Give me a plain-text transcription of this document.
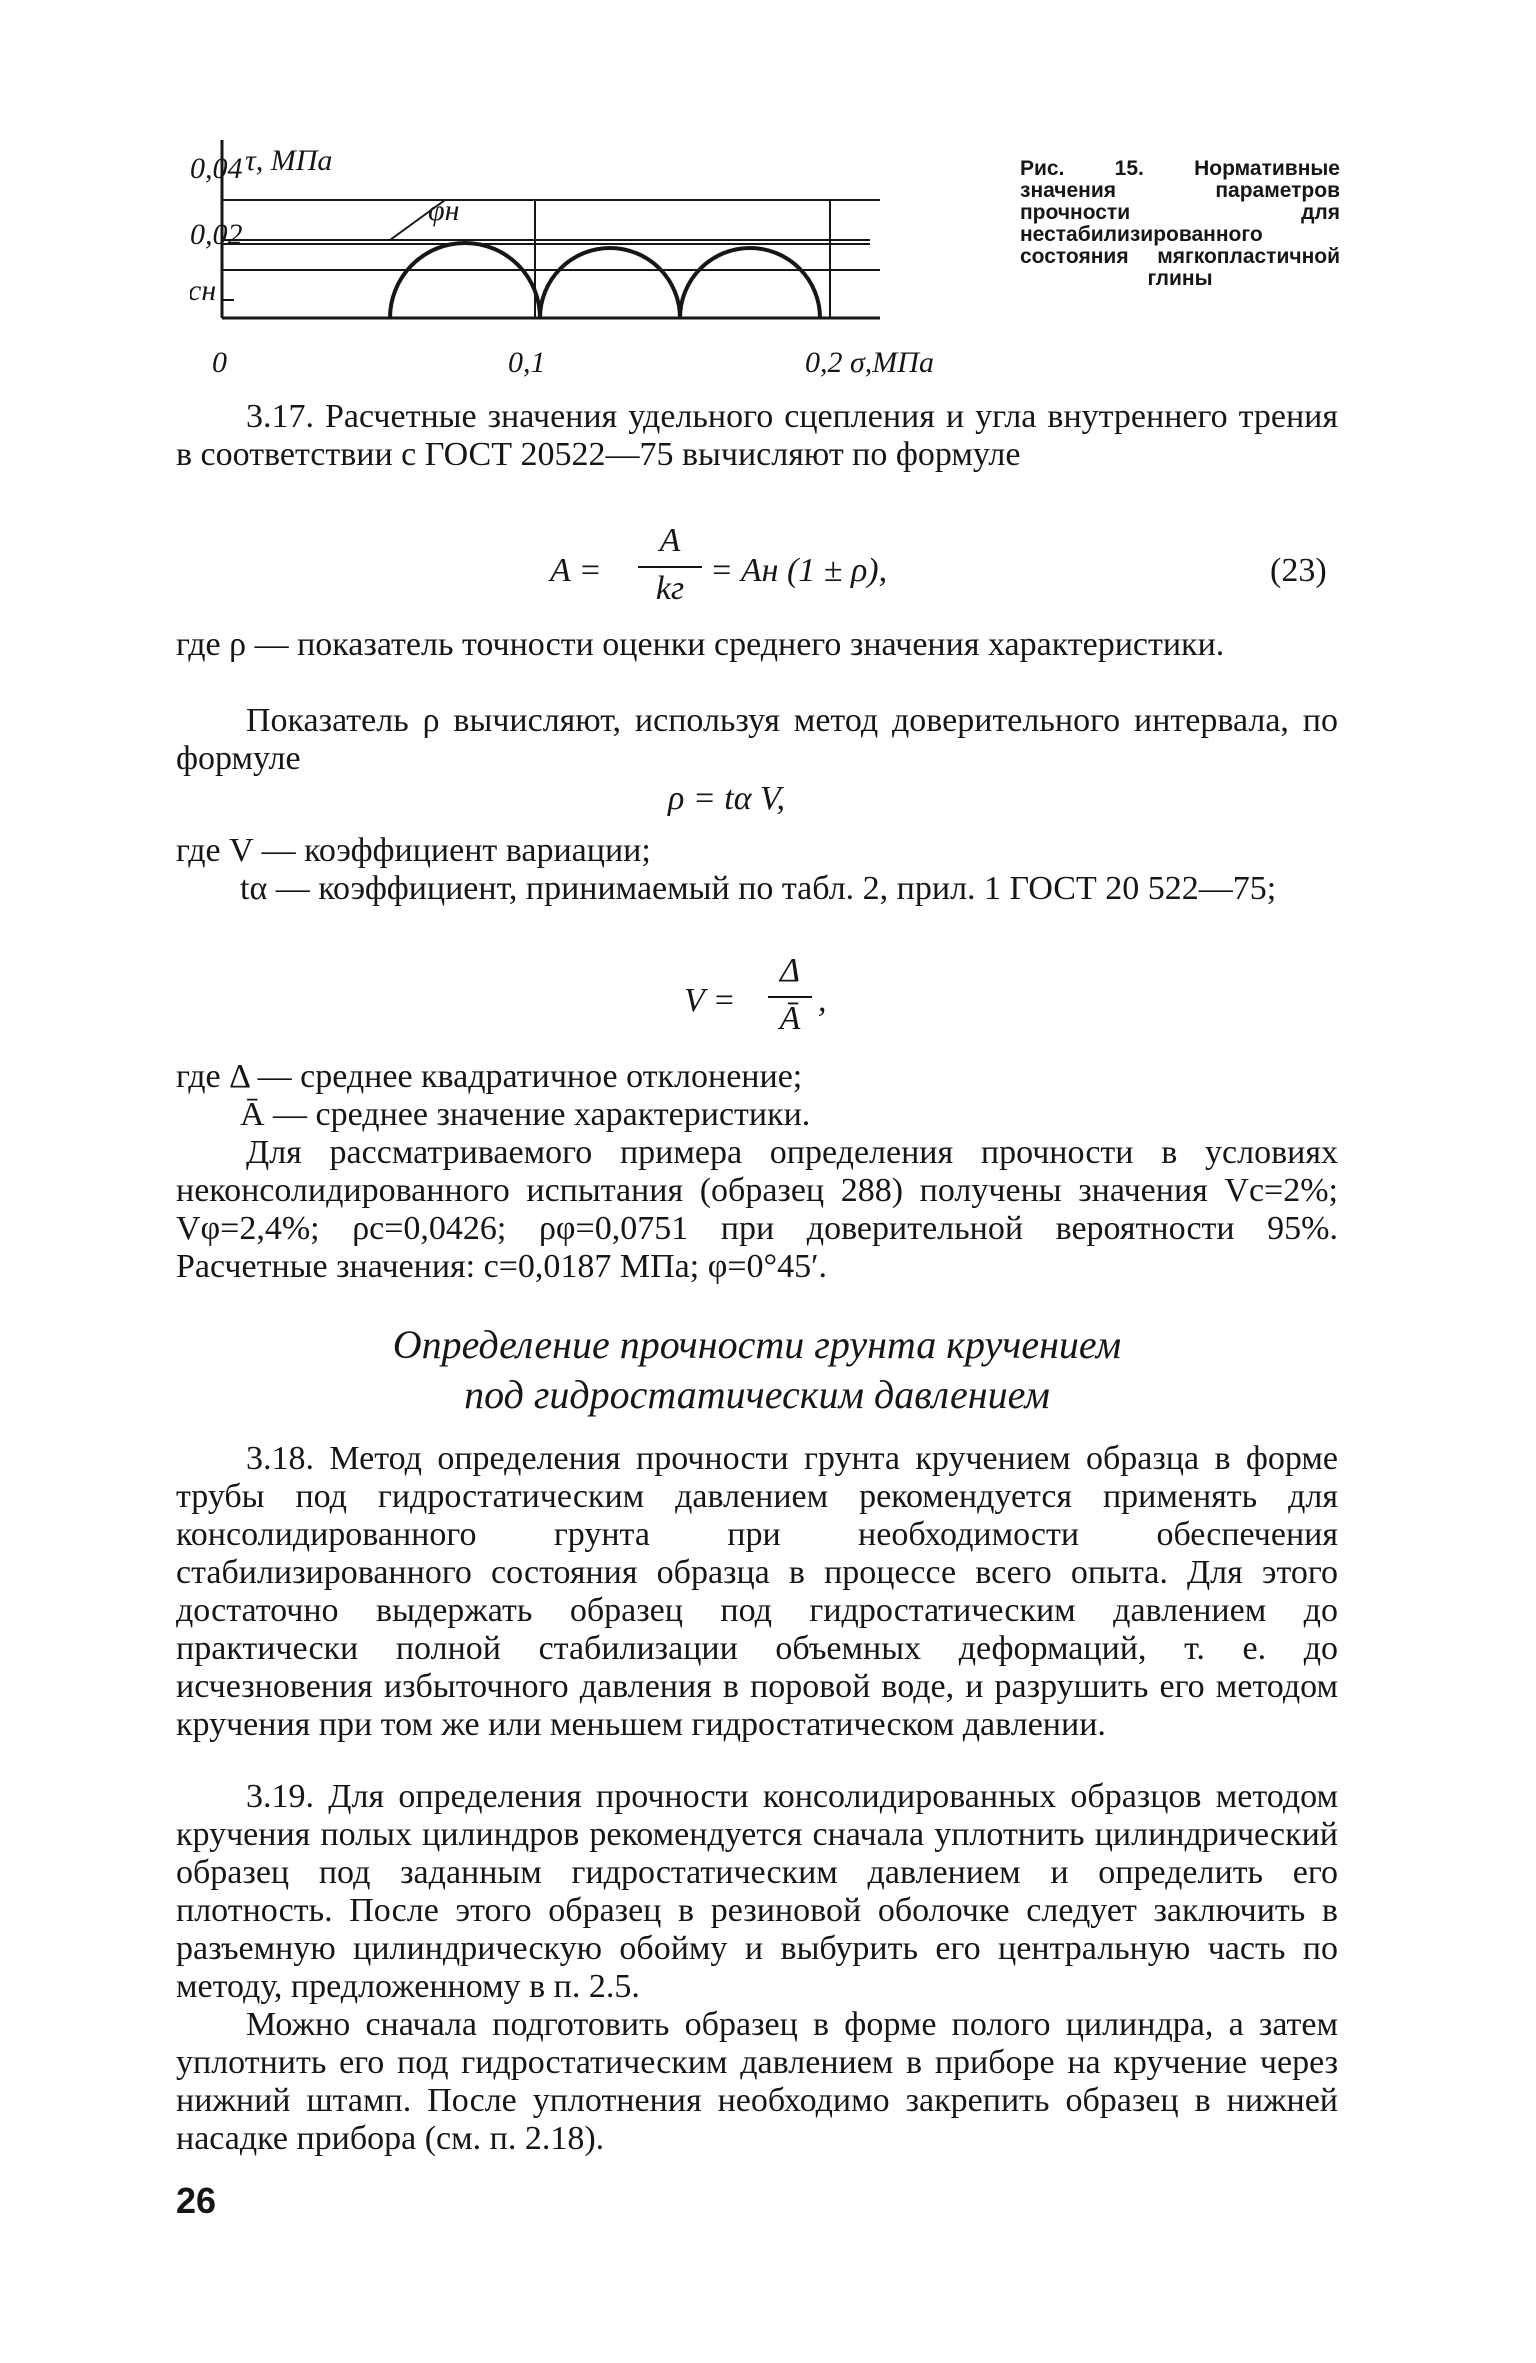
0,04 τ, МПа
0,02
cн
φн
0	0,1	0,2 σ,МПа
Рис. 15. Нормативные значения параметров прочности для нестабилизированного состояния мягкопластичной глины
3.17. Расчетные значения удельного сцепления и угла внутреннего трения в соответствии с ГОСТ 20522—75 вычисляют по формуле
A =
A
kг = Aн (1 ± ρ),	(23)
где ρ — показатель точности оценки среднего значения характеристики.
Показатель ρ вычисляют, используя метод доверительного интервала, по формуле
ρ = tα V,
где V — коэффициент вариации;
tα — коэффициент, принимаемый по табл. 2, прил. 1 ГОСТ 20 522—75;
V =
Δ
Ā ,
где Δ — среднее квадратичное отклонение;
Ā — среднее значение характеристики.
Для рассматриваемого примера определения прочности в условиях неконсолидированного испытания (образец 288) получены значения Vc=2%; Vφ=2,4%; ρc=0,0426; ρφ=0,0751 при доверительной вероятности 95%. Расчетные значения: c=0,0187 МПа; φ=0°45′.
Определение прочности грунта кручением
под гидростатическим давлением
3.18. Метод определения прочности грунта кручением образца в форме трубы под гидростатическим давлением рекомендуется применять для консолидированного грунта при необходимости обеспечения стабилизированного состояния образца в процессе всего опыта. Для этого достаточно выдержать образец под гидростатическим давлением до практически полной стабилизации объемных деформаций, т. е. до исчезновения избыточного давления в поровой воде, и разрушить его методом кручения при том же или меньшем гидростатическом давлении.
3.19. Для определения прочности консолидированных образцов методом кручения полых цилиндров рекомендуется сначала уплотнить цилиндрический образец под заданным гидростатическим давлением и определить его плотность. После этого образец в резиновой оболочке следует заключить в разъемную цилиндрическую обойму и выбурить его центральную часть по методу, предложенному в п. 2.5.
Можно сначала подготовить образец в форме полого цилиндра, а затем уплотнить его под гидростатическим давлением в приборе на кручение через нижний штамп. После уплотнения необходимо закрепить образец в нижней насадке прибора (см. п. 2.18).
26
